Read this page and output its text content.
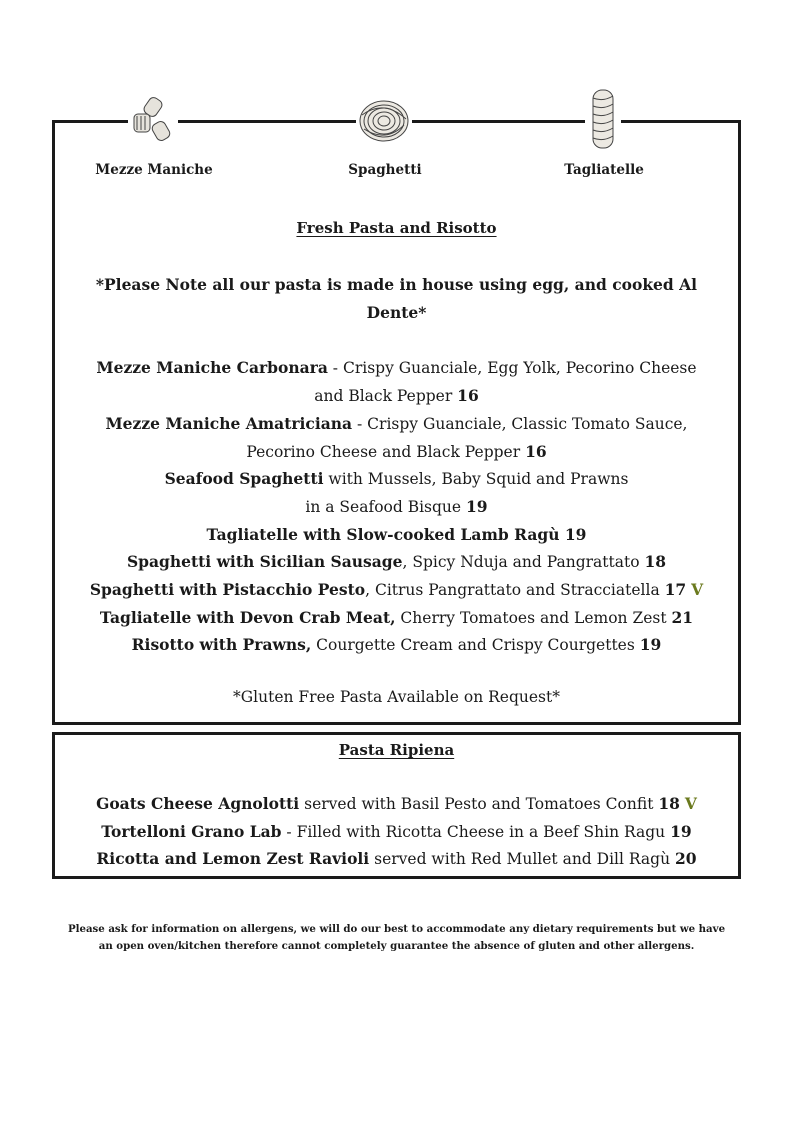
Fresh Pasta and Risotto
*Please Note all our pasta is made in house using egg, and cooked Al
Dente*
Mezze Maniche Carbonara - Crispy Guanciale, Egg Yolk, Pecorino Cheese
and Black Pepper 16
Mezze Maniche Amatriciana - Crispy Guanciale, Classic Tomato Sauce,
Pecorino Cheese and Black Pepper 16
Seafood Spaghetti with Mussels, Baby Squid and Prawns
in a Seafood Bisque 19
Tagliatelle with Slow-cooked Lamb Ragù 19
Spaghetti with Sicilian Sausage, Spicy Nduja and Pangrattato 18
Spaghetti with Pistacchio Pesto, Citrus Pangrattato and Stracciatella 17 V
Tagliatelle with Devon Crab Meat, Cherry Tomatoes and Lemon Zest 21
Risotto with Prawns, Courgette Cream and Crispy Courgettes 19
*Gluten Free Pasta Available on Request*
Mezze Maniche	Spaghetti	Tagliatelle
Pasta Ripiena
Goats Cheese Agnolotti served with Basil Pesto and Tomatoes Confit 18 V
Tortelloni Grano Lab - Filled with Ricotta Cheese in a Beef Shin Ragu 19
Ricotta and Lemon Zest Ravioli served with Red Mullet and Dill Ragù 20
Please ask for information on allergens, we will do our best to accommodate any dietary requirements but we have
an open oven/kitchen therefore cannot completely guarantee the absence of gluten and other allergens.
